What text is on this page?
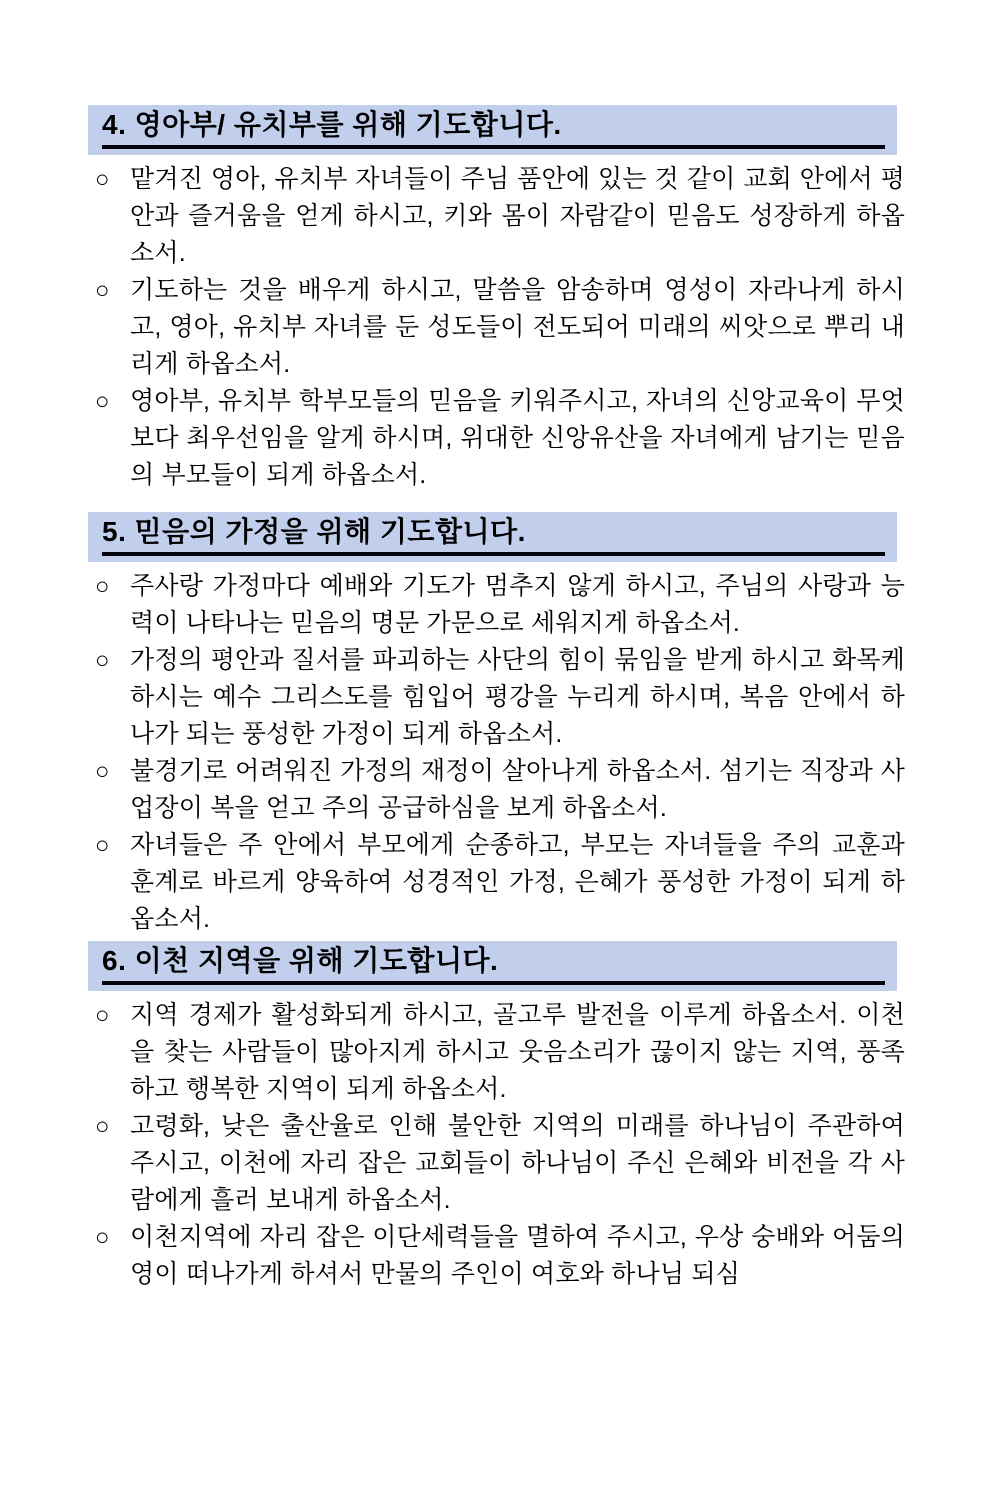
4. 영아부/ 유치부를 위해 기도합니다.
○ 맡겨진 영아, 유치부 자녀들이 주님 품안에 있는 것 같이 교회 안에서 평안과 즐거움을 얻게 하시고, 키와 몸이 자람같이 믿음도 성장하게 하옵소서.
○ 기도하는 것을 배우게 하시고, 말씀을 암송하며 영성이 자라나게 하시고, 영아, 유치부 자녀를 둔 성도들이 전도되어 미래의 씨앗으로 뿌리 내리게 하옵소서.
○ 영아부, 유치부 학부모들의 믿음을 키워주시고, 자녀의 신앙교육이 무엇보다 최우선임을 알게 하시며, 위대한 신앙유산을 자녀에게 남기는 믿음의 부모들이 되게 하옵소서.
5. 믿음의 가정을 위해 기도합니다.
○ 주사랑 가정마다 예배와 기도가 멈추지 않게 하시고, 주님의 사랑과 능력이 나타나는 믿음의 명문 가문으로 세워지게 하옵소서.
○ 가정의 평안과 질서를 파괴하는 사단의 힘이 묶임을 받게 하시고 화목케 하시는 예수 그리스도를 힘입어 평강을 누리게 하시며, 복음 안에서 하나가 되는 풍성한 가정이 되게 하옵소서.
○ 불경기로 어려워진 가정의 재정이 살아나게 하옵소서. 섬기는 직장과 사업장이 복을 얻고 주의 공급하심을 보게 하옵소서.
○ 자녀들은 주 안에서 부모에게 순종하고, 부모는 자녀들을 주의 교훈과 훈계로 바르게 양육하여 성경적인 가정, 은혜가 풍성한 가정이 되게 하옵소서.
6. 이천 지역을 위해 기도합니다.
○ 지역 경제가 활성화되게 하시고, 골고루 발전을 이루게 하옵소서. 이천을 찾는 사람들이 많아지게 하시고 웃음소리가 끊이지 않는 지역, 풍족하고 행복한 지역이 되게 하옵소서.
○ 고령화, 낮은 출산율로 인해 불안한 지역의 미래를 하나님이 주관하여 주시고, 이천에 자리 잡은 교회들이 하나님이 주신 은혜와 비전을 각 사람에게 흘러 보내게 하옵소서.
○ 이천지역에 자리 잡은 이단세력들을 멸하여 주시고, 우상 숭배와 어둠의 영이 떠나가게 하셔서 만물의 주인이 여호와 하나님 되심
